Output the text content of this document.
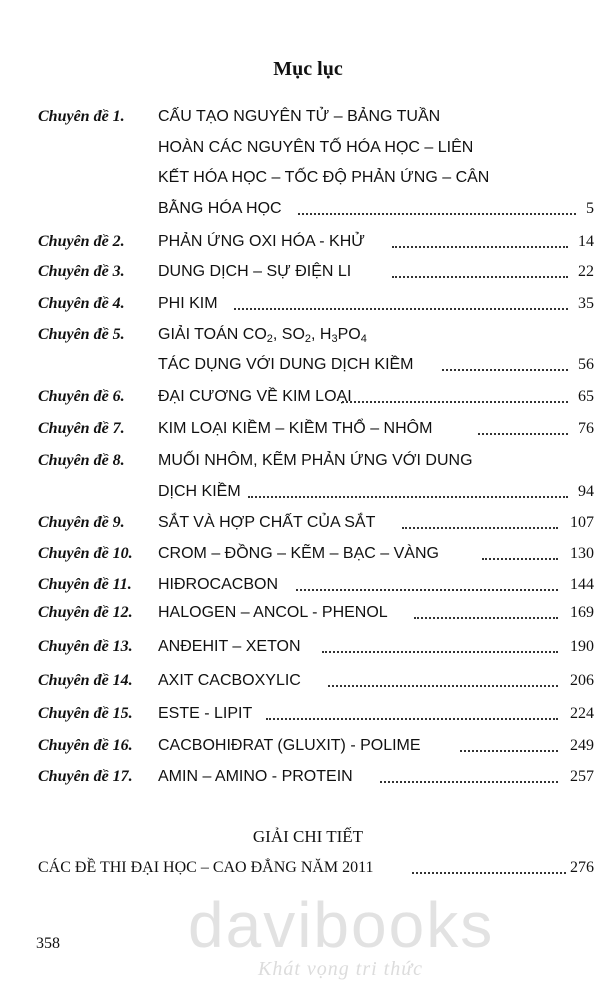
Mục lục
Chuyên đề 1. CẤU TẠO NGUYÊN TỬ – BẢNG TUẦN
HOÀN CÁC NGUYÊN TỐ HÓA HỌC – LIÊN
KẾT HÓA HỌC – TỐC ĐỘ PHẢN ỨNG – CÂN
BẰNG HÓA HỌC	5
Chuyên đề 2. PHẢN ỨNG OXI HÓA - KHỬ	14
Chuyên đề 3. DUNG DỊCH – SỰ ĐIỆN LI	22
Chuyên đề 4. PHI KIM	35
Chuyên đề 5. GIẢI TOÁN $CO_2$, $SO_2$, $H_3PO_4$
TÁC DỤNG VỚI DUNG DỊCH KIỀM	56
Chuyên đề 6. ĐẠI CƯƠNG VỀ KIM LOẠI	65
Chuyên đề 7. KIM LOẠI KIỀM – KIỀM THỔ – NHÔM	76
Chuyên đề 8. MUỐI NHÔM, KẼM PHẢN ỨNG VỚI DUNG
DỊCH KIỀM	94
Chuyên đề 9. SẮT VÀ HỢP CHẤT CỦA SẮT	107
Chuyên đề 10. CROM – ĐỒNG – KẼM – BẠC – VÀNG	130
Chuyên đề 11. HIĐROCACBON	144
Chuyên đề 12. HALOGEN – ANCOL - PHENOL	169
Chuyên đề 13. ANĐEHIT – XETON	190
Chuyên đề 14. AXIT CACBOXYLIC	206
Chuyên đề 15. ESTE - LIPIT	224
Chuyên đề 16. CACBOHIĐRAT (GLUXIT) - POLIME	249
Chuyên đề 17. AMIN – AMINO - PROTEIN	257
GIẢI CHI TIẾT
CÁC ĐỀ THI ĐẠI HỌC – CAO ĐẲNG NĂM 2011	276
davibooks
Khát vọng tri thức
358
